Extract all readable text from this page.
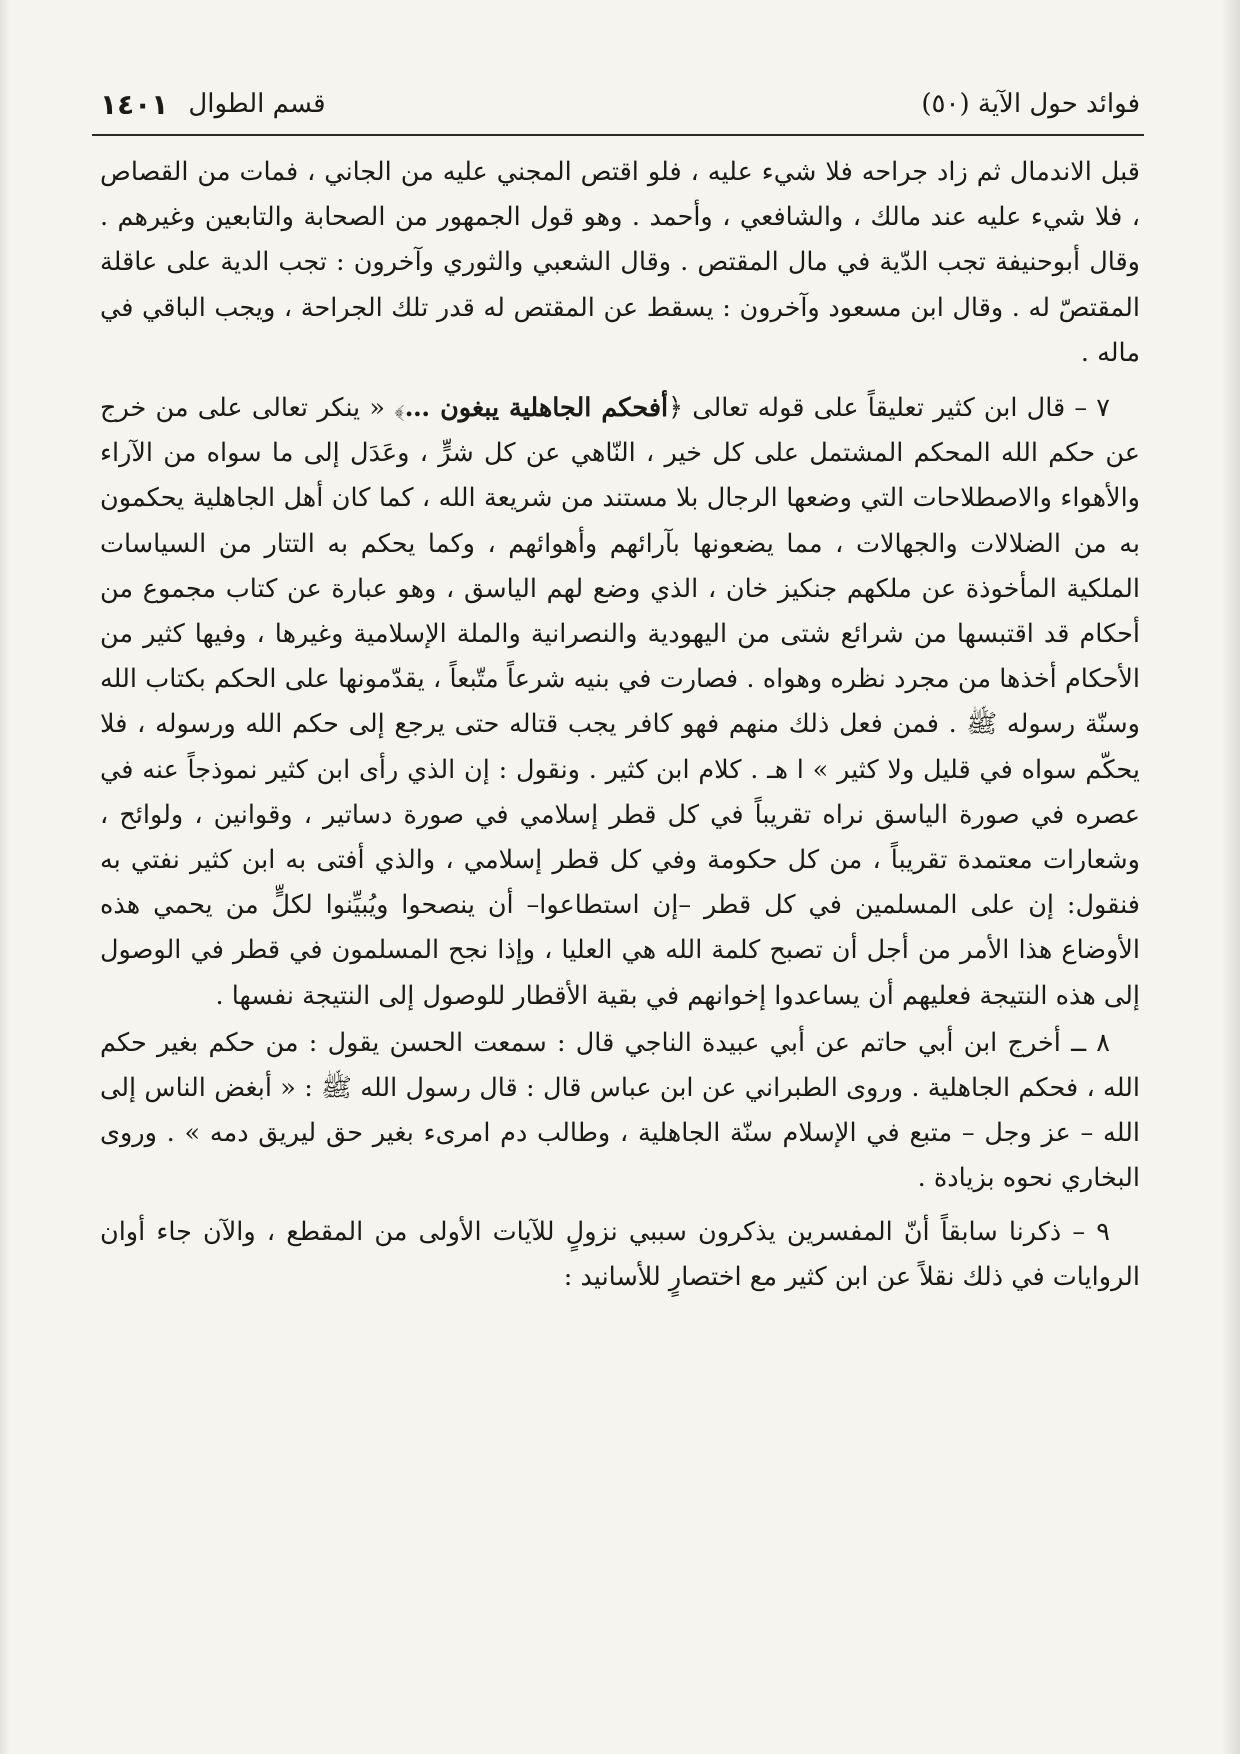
فوائد حول الآية (٥٠)
قسم الطوال
١٤٠١

قبل الاندمال ثم زاد جراحه فلا شيء عليه ، فلو اقتص المجني عليه من الجاني ، فمات من القصاص ، فلا شيء عليه عند مالك ، والشافعي ، وأحمد . وهو قول الجمهور من الصحابة والتابعين وغيرهم . وقال أبوحنيفة تجب الدّية في مال المقتص . وقال الشعبي والثوري وآخرون : تجب الدية على عاقلة المقتصّ له . وقال ابن مسعود وآخرون : يسقط عن المقتص له قدر تلك الجراحة ، ويجب الباقي في ماله .

٧ – قال ابن كثير تعليقاً على قوله تعالى ﴿أفحكم الجاهلية يبغون …﴾ « ينكر تعالى على من خرج عن حكم الله المحكم المشتمل على كل خير ، النّاهي عن كل شرٍّ ، وعَدَل إلى ما سواه من الآراء والأهواء والاصطلاحات التي وضعها الرجال بلا مستند من شريعة الله ، كما كان أهل الجاهلية يحكمون به من الضلالات والجهالات ، مما يضعونها بآرائهم وأهوائهم ، وكما يحكم به التتار من السياسات الملكية المأخوذة عن ملكهم جنكيز خان ، الذي وضع لهم الياسق ، وهو عبارة عن كتاب مجموع من أحكام قد اقتبسها من شرائع شتى من اليهودية والنصرانية والملة الإسلامية وغيرها ، وفيها كثير من الأحكام أخذها من مجرد نظره وهواه . فصارت في بنيه شرعاً متّبعاً ، يقدّمونها على الحكم بكتاب الله وسنّة رسوله ﷺ . فمن فعل ذلك منهم فهو كافر يجب قتاله حتى يرجع إلى حكم الله ورسوله ، فلا يحكّم سواه في قليل ولا كثير » ا هـ . كلام ابن كثير . ونقول : إن الذي رأى ابن كثير نموذجاً عنه في عصره في صورة الياسق نراه تقريباً في كل قطر إسلامي في صورة دساتير ، وقوانين ، ولوائح ، وشعارات معتمدة تقريباً ، من كل حكومة وفي كل قطر إسلامي ، والذي أفتى به ابن كثير نفتي به فنقول: إن على المسلمين في كل قطر –إن استطاعوا– أن ينصحوا ويُبيِّنوا لكلٍّ من يحمي هذه الأوضاع هذا الأمر من أجل أن تصبح كلمة الله هي العليا ، وإذا نجح المسلمون في قطر في الوصول إلى هذه النتيجة فعليهم أن يساعدوا إخوانهم في بقية الأقطار للوصول إلى النتيجة نفسها .

٨ ــ أخرج ابن أبي حاتم عن أبي عبيدة الناجي قال : سمعت الحسن يقول : من حكم بغير حكم الله ، فحكم الجاهلية . وروى الطبراني عن ابن عباس قال : قال رسول الله ﷺ : « أبغض الناس إلى الله – عز وجل – متبع في الإسلام سنّة الجاهلية ، وطالب دم امرىء بغير حق ليريق دمه » . وروى البخاري نحوه بزيادة .

٩ – ذكرنا سابقاً أنّ المفسرين يذكرون سببي نزولٍ للآيات الأولى من المقطع ، والآن جاء أوان الروايات في ذلك نقلاً عن ابن كثير مع اختصارٍ للأسانيد :
